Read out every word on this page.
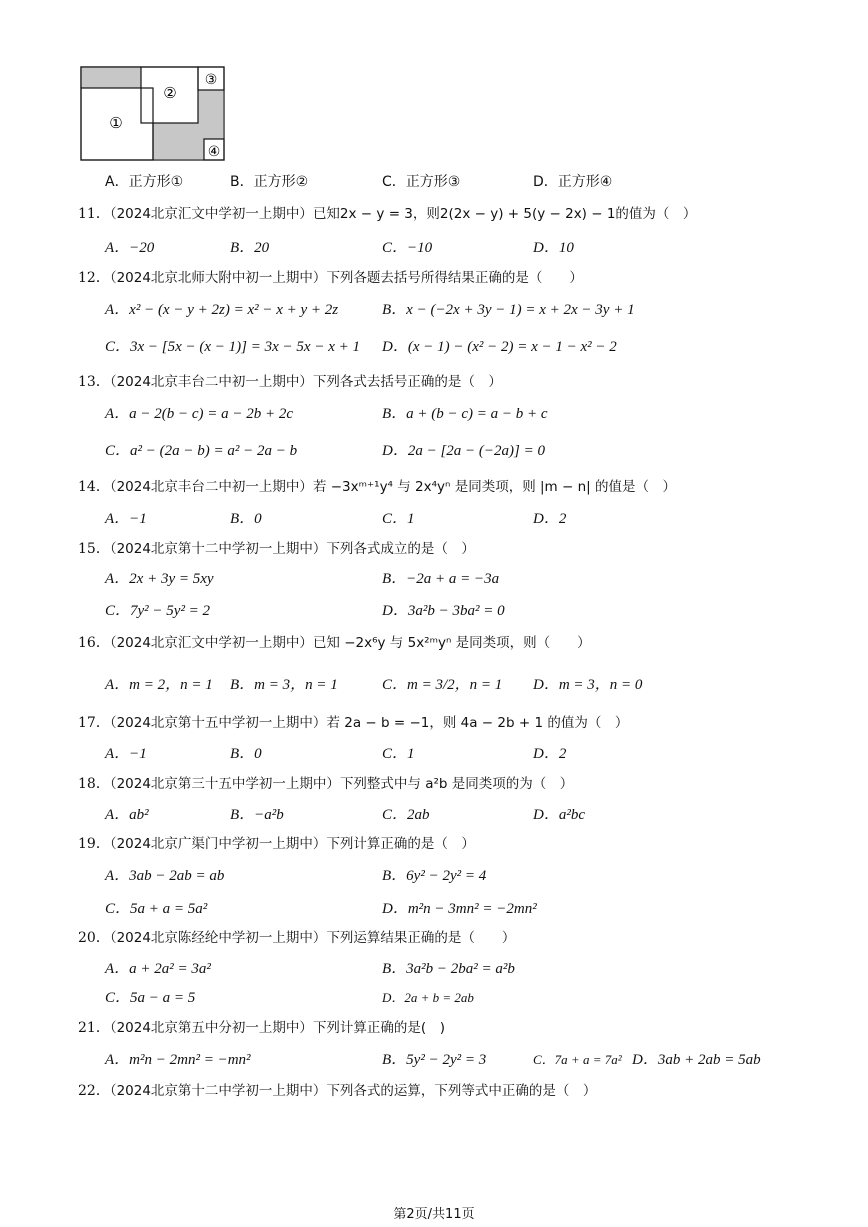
①
②
③
④
A．正方形①	B．正方形②	C．正方形③	D．正方形④
11．（2024北京汇文中学初一上期中）已知2x − y = 3，则2(2x − y) + 5(y − 2x) − 1的值为（　）
A．−20	B．20	C．−10	D．10
12．（2024北京北师大附中初一上期中）下列各题去括号所得结果正确的是（　　）
A．x² − (x − y + 2z) = x² − x + y + 2z	B．x − (−2x + 3y − 1) = x + 2x − 3y + 1
C．3x − [5x − (x − 1)] = 3x − 5x − x + 1 D．(x − 1) − (x² − 2) = x − 1 − x² − 2
13．（2024北京丰台二中初一上期中）下列各式去括号正确的是（　）
A．a − 2(b − c) = a − 2b + 2c	B．a + (b − c) = a − b + c
C．a² − (2a − b) = a² − 2a − b	D．2a − [2a − (−2a)] = 0
14．（2024北京丰台二中初一上期中）若 −3xᵐ⁺¹y⁴ 与 2x⁴yⁿ 是同类项，则 |m − n| 的值是（　）
A．−1	B．0	C．1	D．2
15．（2024北京第十二中学初一上期中）下列各式成立的是（　）
A．2x + 3y = 5xy	B．−2a + a = −3a
C．7y² − 5y² = 2	D．3a²b − 3ba² = 0
16．（2024北京汇文中学初一上期中）已知 −2x⁶y 与 5x²ᵐyⁿ 是同类项，则（　　）
A．m = 2，n = 1 B．m = 3，n = 1	C．m = 3/2，n = 1 D．m = 3，n = 0
17．（2024北京第十五中学初一上期中）若 2a − b = −1，则 4a − 2b + 1 的值为（　）
A．−1	B．0	C．1	D．2
18．（2024北京第三十五中学初一上期中）下列整式中与 a²b 是同类项的为（　）
A．ab²	B．−a²b	C．2ab	D．a²bc
19．（2024北京广渠门中学初一上期中）下列计算正确的是（　）
A．3ab − 2ab = ab	B．6y² − 2y² = 4
C．5a + a = 5a²	D．m²n − 3mn² = −2mn²
20．（2024北京陈经纶中学初一上期中）下列运算结果正确的是（　　）
A．a + 2a² = 3a²	B．3a²b − 2ba² = a²b
C．5a − a = 5	D．2a + b = 2ab
21．（2024北京第五中分初一上期中）下列计算正确的是(　)
A．m²n − 2mn² = −mn²	B．5y² − 2y² = 3	C．7a + a = 7a² D．3ab + 2ab = 5ab
22．（2024北京第十二中学初一上期中）下列各式的运算，下列等式中正确的是（　）
第2页/共11页
